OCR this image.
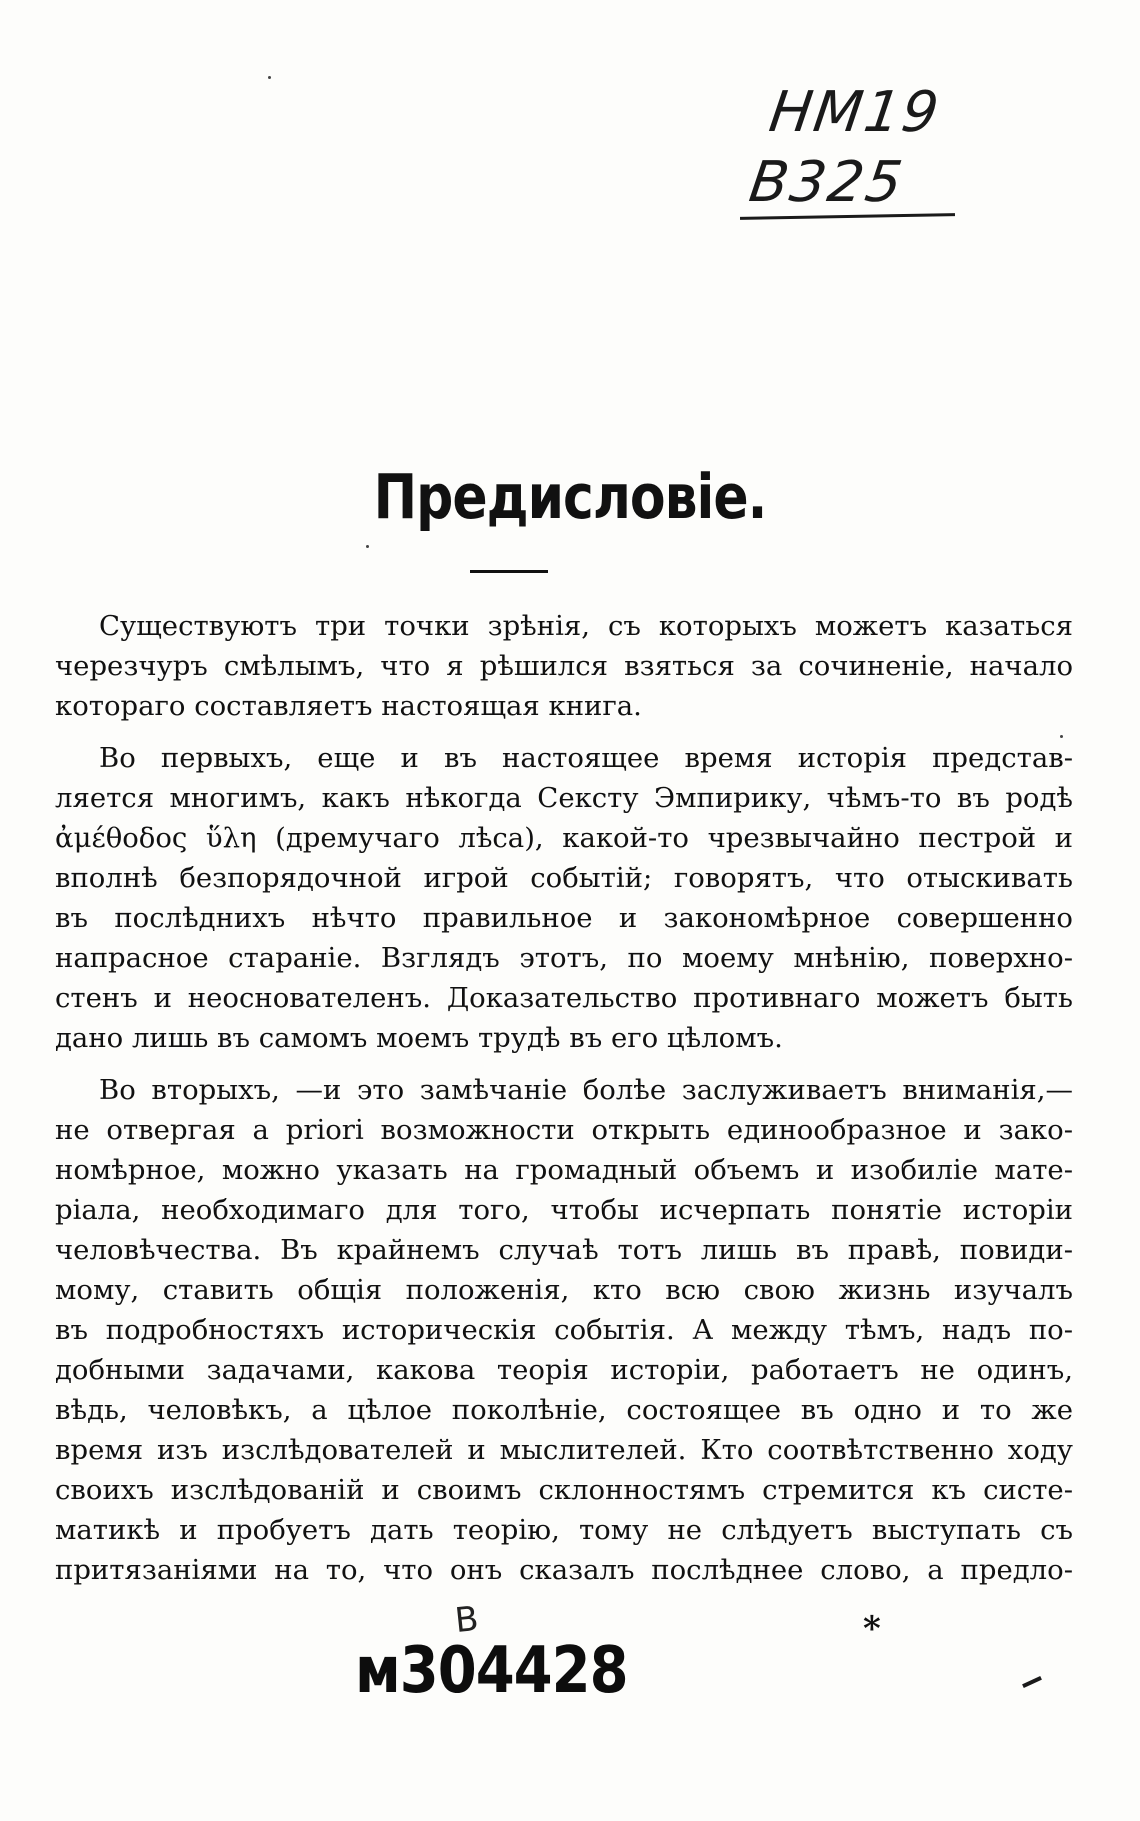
НМ19
В325
Предисловіе.

Существуютъ три точки зрѣнія, съ которыхъ можетъ казаться
черезчуръ смѣлымъ, что я рѣшился взяться за сочиненіе, начало
котораго составляетъ настоящая книга.

Во первыхъ, еще и въ настоящее время исторія представ-
ляется многимъ, какъ нѣкогда Сексту Эмпирику, чѣмъ-то въ родѣ
ἀμέθοδος ὕλη (дремучаго лѣса), какой-то чрезвычайно пестрой и
вполнѣ безпорядочной игрой событій; говорятъ, что отыскивать
въ послѣднихъ нѣчто правильное и закономѣрное совершенно
напрасное стараніе. Взглядъ этотъ, по моему мнѣнію, поверхно-
стенъ и неоснователенъ. Доказательство противнаго можетъ быть
дано лишь въ самомъ моемъ трудѣ въ его цѣломъ.

Во вторыхъ, —и это замѣчаніе болѣе заслуживаетъ вниманія,—
не отвергая а priori возможности открыть единообразное и зако-
номѣрное, можно указать на громадный объемъ и изобиліе мате-
ріала, необходимаго для того, чтобы исчерпать понятіе исторіи
человѣчества. Въ крайнемъ случаѣ тотъ лишь въ правѣ, повиди-
мому, ставить общія положенія, кто всю свою жизнь изучалъ
въ подробностяхъ историческія событія. А между тѣмъ, надъ по-
добными задачами, какова теорія исторіи, работаетъ не одинъ,
вѣдь, человѣкъ, а цѣлое поколѣніе, состоящее въ одно и то же
время изъ изслѣдователей и мыслителей. Кто соотвѣтственно ходу
своихъ изслѣдованій и своимъ склонностямъ стремится къ систе-
матикѣ и пробуетъ дать теорію, тому не слѣдуетъ выступать съ
притязаніями на то, что онъ сказалъ послѣднее слово, а предло-

*
В
м304428
